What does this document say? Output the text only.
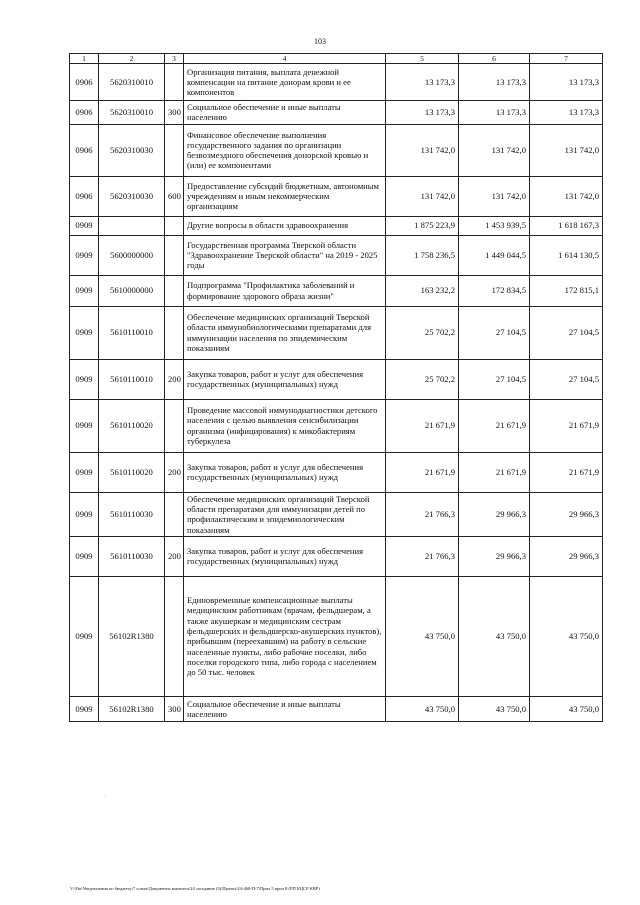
103
1	2	3	4	5	6	7
0906	5620310010		Организация питания, выплата денежной компенсации на питание донорам крови и ее компонентов	13 173,3	13 173,3	13 173,3
0906	5620310010	300	Социальное обеспечение и иные выплаты населению	13 173,3	13 173,3	13 173,3
0906	5620310030		Финансовое обеспечение выполнения государственного задания по организации безвозмездного обеспечения донорской кровью и (или) ее компонентами	131 742,0	131 742,0	131 742,0
0906	5620310030	600	Предоставление субсидий бюджетным, автономным учреждениям и иным некоммерческим организациям	131 742,0	131 742,0	131 742,0
0909			Другие вопросы в области здравоохранения	1 875 223,9	1 453 939,5	1 618 167,3
0909	5600000000		Государственная программа Тверской области "Здравоохранение Тверской области" на 2019 - 2025 годы	1 758 236,5	1 449 044,5	1 614 130,5
0909	5610000000		Подпрограмма "Профилактика заболеваний и формирование здорового образа жизни"	163 232,2	172 834,5	172 815,1
0909	5610110010		Обеспечение медицинских организаций Тверской области иммунобиологическими препаратами для иммунизации населения по эпидемическим показаниям	25 702,2	27 104,5	27 104,5
0909	5610110010	200	Закупка товаров, работ и услуг для обеспечения государственных (муниципальных) нужд	25 702,2	27 104,5	27 104,5
0909	5610110020		Проведение массовой иммунодиагностики детского населения с целью выявления сенсибилизации организма (инфицирования) к микобактериям туберкулеза	21 671,9	21 671,9	21 671,9
0909	5610110020	200	Закупка товаров, работ и услуг для обеспечения государственных (муниципальных) нужд	21 671,9	21 671,9	21 671,9
0909	5610110030		Обеспечение медицинских организаций Тверской области препаратами для иммунизации детей по профилактическим и эпидемиологическим показаниям	21 766,3	29 966,3	29 966,3
0909	5610110030	200	Закупка товаров, работ и услуг для обеспечения государственных (муниципальных) нужд	21 766,3	29 966,3	29 966,3
0909	56102R1380		Единовременные компенсационные выплаты медицинским работникам (врачам, фельдшерам, а также акушеркам и медицинским сестрам фельдшерских и фельдшерско-акушерских пунктов), прибывшим (переехавшим) на работу в сельские населенные пункты, либо рабочие поселки, либо поселки городского типа, либо города с населением до 50 тыс. человек	43 750,0	43 750,0	43 750,0
0909	56102R1380	300	Социальное обеспечение и иные выплаты населению	43 750,0	43 750,0	43 750,0
·
V:\Fin\Уведомления по бюджету\7 созыв\Документы комитета\24 заседание (3)\Проект\24-468-П-7\Прил 5 прил 8 (РП КЦСР КВР)
